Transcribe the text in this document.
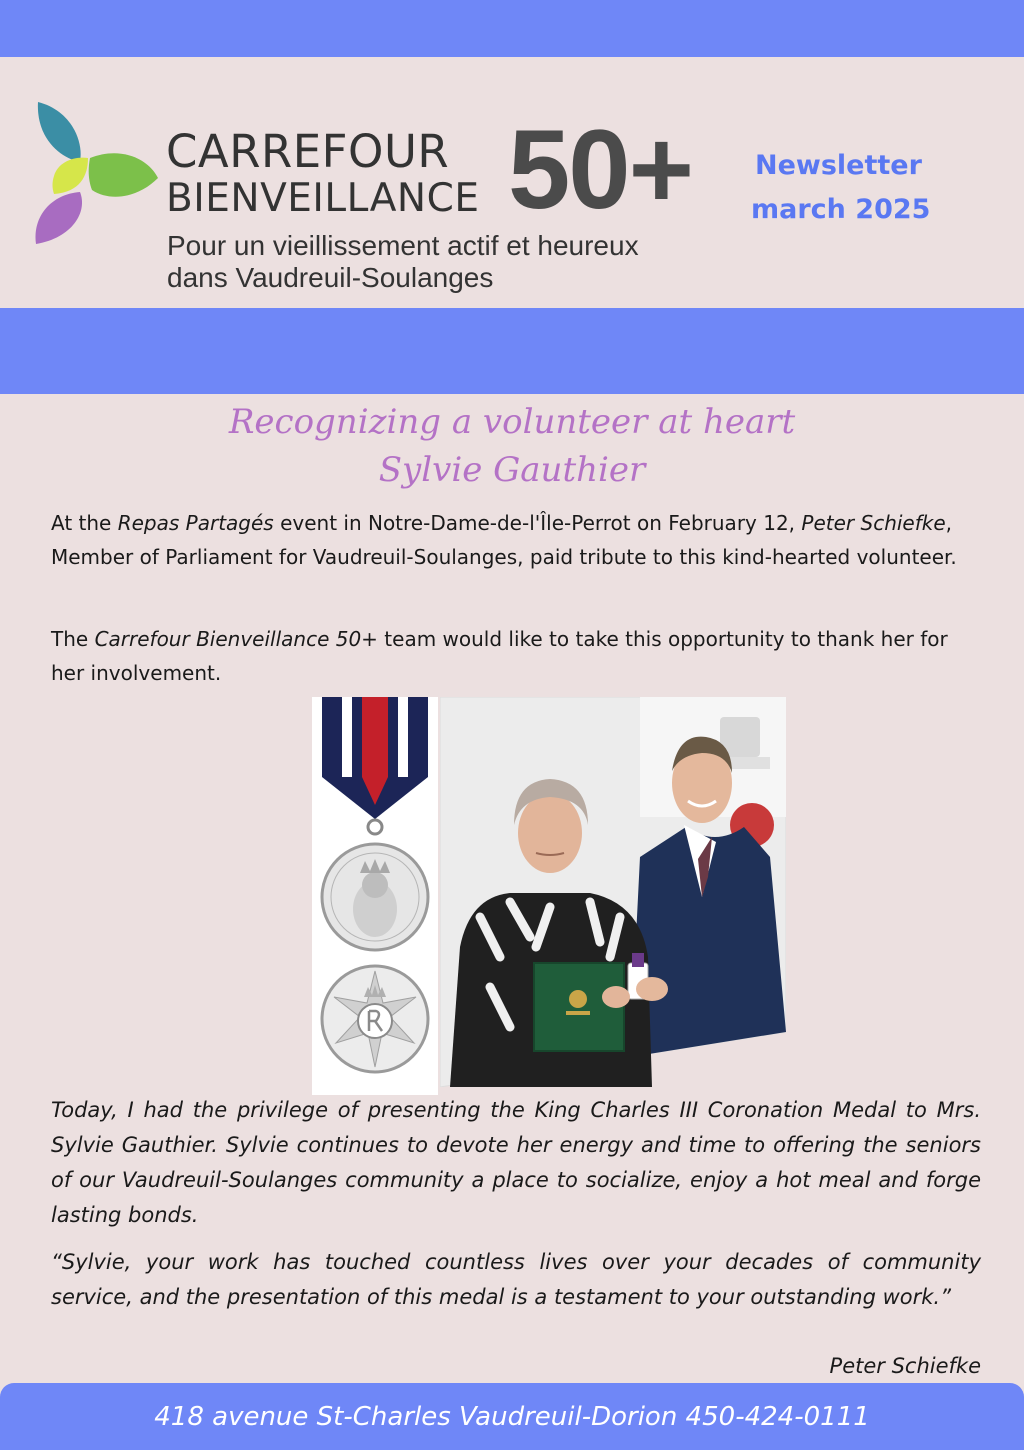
CARREFOUR
BIENVEILLANCE 50+
Pour un vieillissement actif et heureux dans Vaudreuil-Soulanges
Newsletter
march 2025
Recognizing a volunteer at heart
Sylvie Gauthier

At the Repas Partagés event in Notre-Dame-de-l'Île-Perrot on February 12, Peter Schiefke, Member of Parliament for Vaudreuil-Soulanges, paid tribute to this kind-hearted volunteer.

The Carrefour Bienveillance 50+ team would like to take this opportunity to thank her for her involvement.

Today, I had the privilege of presenting the King Charles III Coronation Medal to Mrs. Sylvie Gauthier. Sylvie continues to devote her energy and time to offering the seniors of our Vaudreuil-Soulanges community a place to socialize, enjoy a hot meal and forge lasting bonds.

“Sylvie, your work has touched countless lives over your decades of community service, and the presentation of this medal is a testament to your outstanding work.”

Peter Schiefke
418 avenue St-Charles Vaudreuil-Dorion 450-424-0111
